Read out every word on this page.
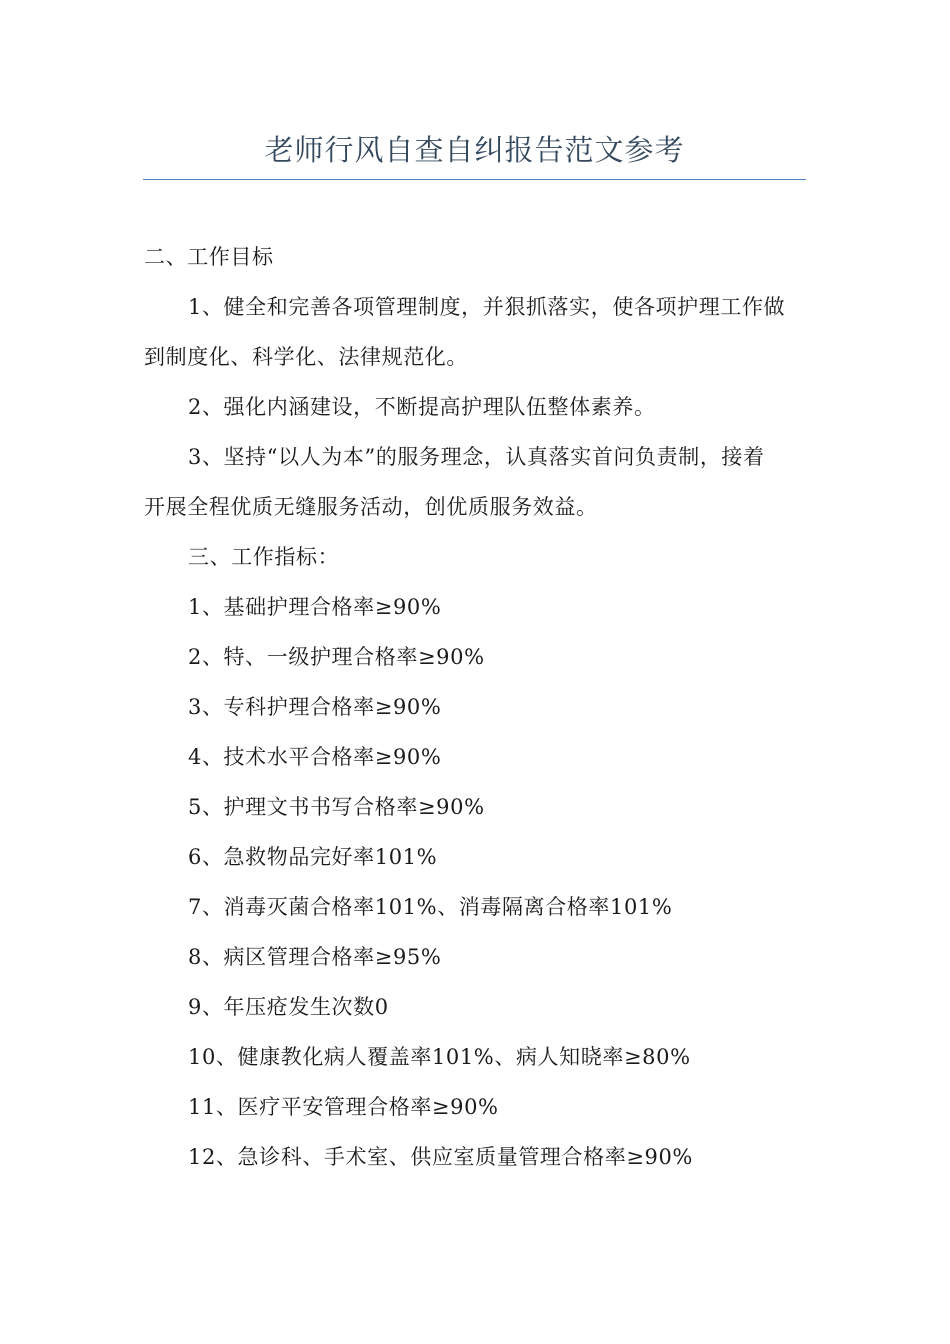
老师行风自查自纠报告范文参考

二、工作目标

1、健全和完善各项管理制度，并狠抓落实，使各项护理工作做

到制度化、科学化、法律规范化。

2、强化内涵建设，不断提高护理队伍整体素养。

3、坚持“以人为本”的服务理念，认真落实首问负责制，接着

开展全程优质无缝服务活动，创优质服务效益。

三、工作指标：

1、基础护理合格率≥90%

2、特、一级护理合格率≥90%

3、专科护理合格率≥90%

4、技术水平合格率≥90%

5、护理文书书写合格率≥90%

6、急救物品完好率101%

7、消毒灭菌合格率101%、消毒隔离合格率101%

8、病区管理合格率≥95%

9、年压疮发生次数0

10、健康教化病人覆盖率101%、病人知晓率≥80%

11、医疗平安管理合格率≥90%

12、急诊科、手术室、供应室质量管理合格率≥90%
